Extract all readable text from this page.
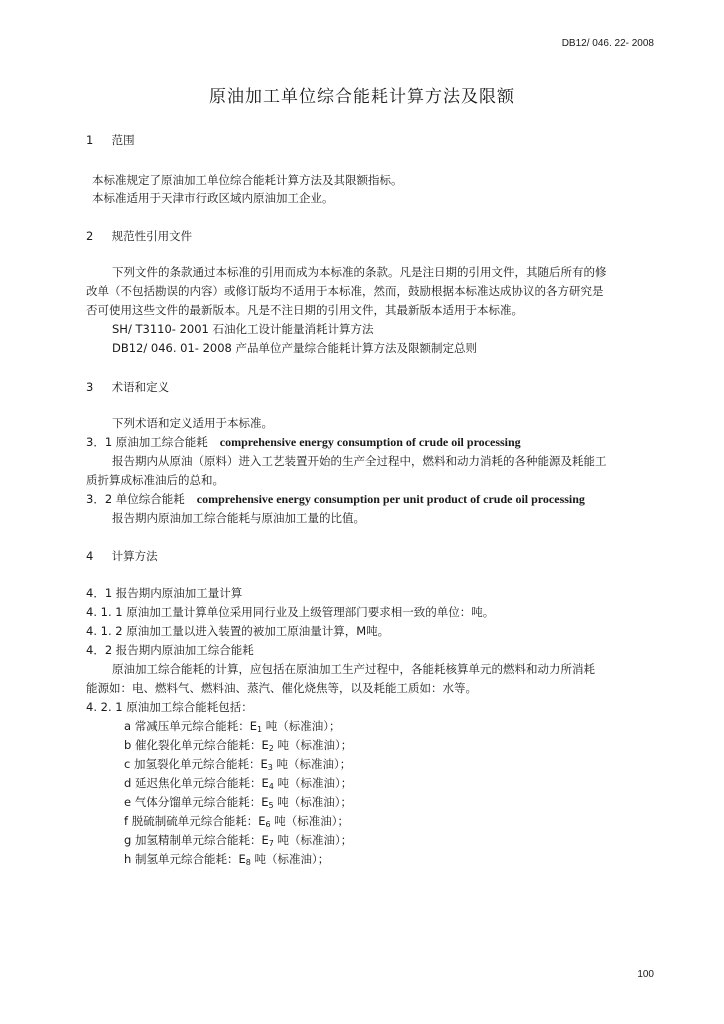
DB12/ 046. 22- 2008
原油加工单位综合能耗计算方法及限额
1 范围
本标准规定了原油加工单位综合能耗计算方法及其限额指标。
本标准适用于天津市行政区域内原油加工企业。
2 规范性引用文件
下列文件的条款通过本标准的引用而成为本标准的条款。凡是注日期的引用文件，其随后所有的修
改单（不包括勘误的内容）或修订版均不适用于本标准，然而，鼓励根据本标准达成协议的各方研究是
否可使用这些文件的最新版本。凡是不注日期的引用文件，其最新版本适用于本标准。
SH/ T3110- 2001 石油化工设计能量消耗计算方法
DB12/ 046. 01- 2008 产品单位产量综合能耗计算方法及限额制定总则
3 术语和定义
下列术语和定义适用于本标准。
3．1 原油加工综合能耗 comprehensive energy consumption of crude oil processing
报告期内从原油（原料）进入工艺装置开始的生产全过程中，燃料和动力消耗的各种能源及耗能工
质折算成标准油后的总和。
3．2 单位综合能耗 comprehensive energy consumption per unit product of crude oil processing
报告期内原油加工综合能耗与原油加工量的比值。
4 计算方法
4．1 报告期内原油加工量计算
4. 1. 1 原油加工量计算单位采用同行业及上级管理部门要求相一致的单位：吨。
4. 1. 2 原油加工量以进入装置的被加工原油量计算，M吨。
4．2 报告期内原油加工综合能耗
原油加工综合能耗的计算，应包括在原油加工生产过程中，各能耗核算单元的燃料和动力所消耗
能源如：电、燃料气、燃料油、蒸汽、催化烧焦等，以及耗能工质如：水等。
4. 2. 1 原油加工综合能耗包括：
a 常减压单元综合能耗：$E_1$ 吨（标准油）；
b 催化裂化单元综合能耗：$E_2$ 吨（标准油）；
c 加氢裂化单元综合能耗：$E_3$ 吨（标准油）；
d 延迟焦化单元综合能耗：$E_4$ 吨（标准油）；
e 气体分馏单元综合能耗：$E_5$ 吨（标准油）；
f 脱硫制硫单元综合能耗：$E_6$ 吨（标准油）；
g 加氢精制单元综合能耗：$E_7$ 吨（标准油）；
h 制氢单元综合能耗：$E_8$ 吨（标准油）；
100
